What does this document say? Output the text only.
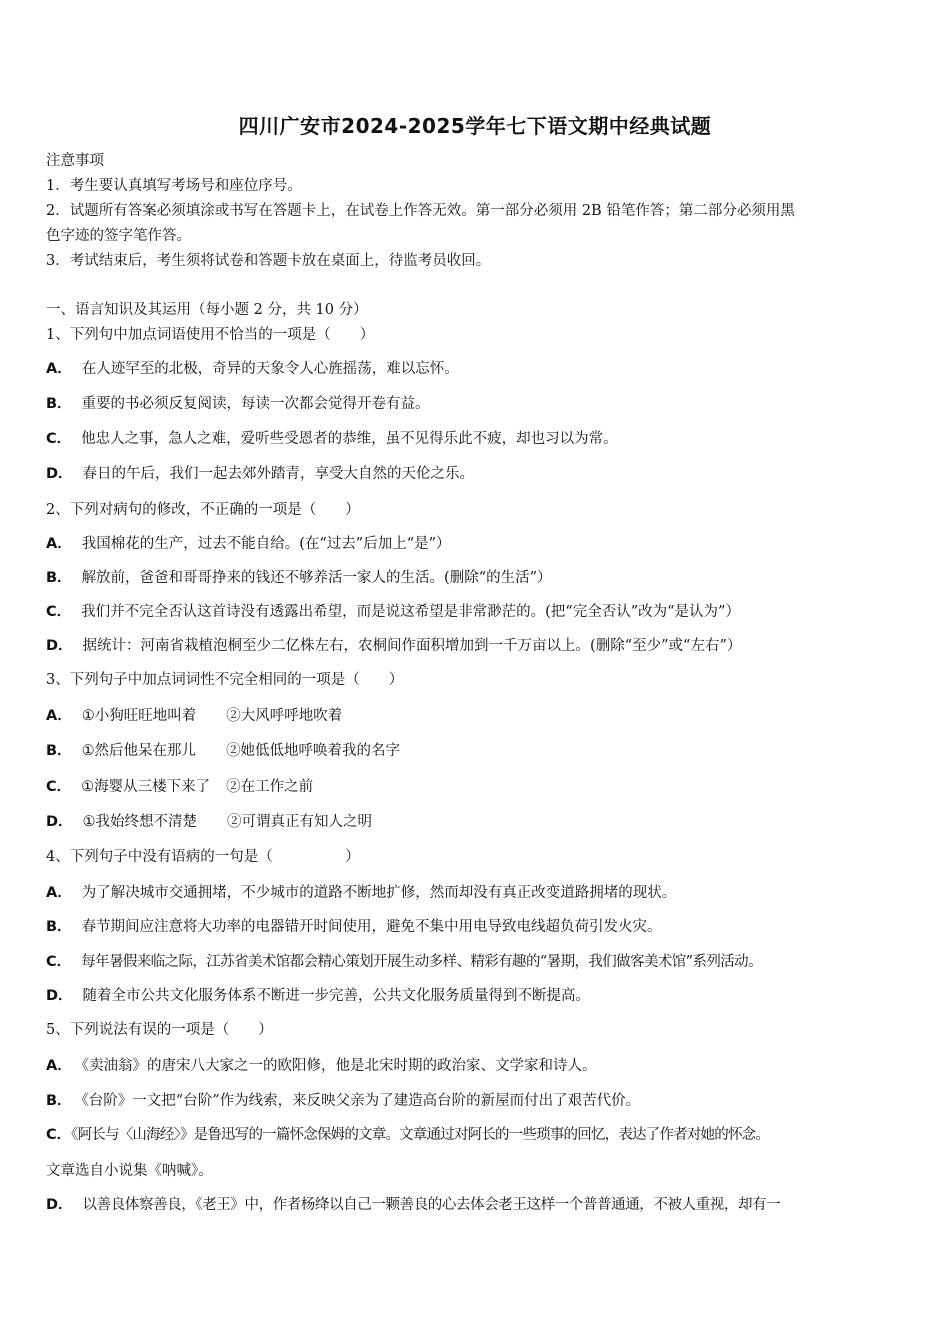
四川广安市2024-2025学年七下语文期中经典试题
注意事项
1．考生要认真填写考场号和座位序号。
2．试题所有答案必须填涂或书写在答题卡上，在试卷上作答无效。第一部分必须用 2B 铅笔作答；第二部分必须用黑
色字迹的签字笔作答。
3．考试结束后，考生须将试卷和答题卡放在桌面上，待监考员收回。
一、语言知识及其运用（每小题 2 分，共 10 分）
1、下列句中加点词语使用不恰当的一项是（　　）
A． 在人迹罕至的北极，奇异的天象令人心旌摇荡，难以忘怀。
B． 重要的书必须反复阅读，每读一次都会觉得开卷有益。
C． 他忠人之事，急人之难，爱听些受恩者的恭维，虽不见得乐此不疲，却也习以为常。
D． 春日的午后，我们一起去郊外踏青，享受大自然的天伦之乐。
2、下列对病句的修改，不正确的一项是（　　）
A． 我国棉花的生产，过去不能自给。(在“过去”后加上“是”）
B． 解放前，爸爸和哥哥挣来的钱还不够养活一家人的生活。(删除“的生活”）
C． 我们并不完全否认这首诗没有透露出希望，而是说这希望是非常渺茫的。(把“完全否认”改为“是认为”）
D． 据统计：河南省栽植泡桐至少二亿株左右，农桐间作面积增加到一千万亩以上。(删除“至少”或“左右”）
3、下列句子中加点词词性不完全相同的一项是（　　）
A． ①小狗旺旺地叫着 ②大风呼呼地吹着
B． ①然后他呆在那儿 ②她低低地呼唤着我的名字
C． ①海婴从三楼下来了 ②在工作之前
D． ①我始终想不清楚 ②可谓真正有知人之明
4、下列句子中没有语病的一句是（　　　　　）
A． 为了解决城市交通拥堵，不少城市的道路不断地扩修，然而却没有真正改变道路拥堵的现状。
B． 春节期间应注意将大功率的电器错开时间使用，避免不集中用电导致电线超负荷引发火灾。
C． 每年暑假来临之际，江苏省美术馆都会精心策划开展生动多样、精彩有趣的“暑期，我们做客美术馆”系列活动。
D． 随着全市公共文化服务体系不断进一步完善，公共文化服务质量得到不断提高。
5、下列说法有误的一项是（　　）
A． 《卖油翁》的唐宋八大家之一的欧阳修，他是北宋时期的政治家、文学家和诗人。
B． 《台阶》一文把“台阶”作为线索，来反映父亲为了建造高台阶的新屋而付出了艰苦代价。
C．《阿长与〈山海经〉》是鲁迅写的一篇怀念保姆的文章。文章通过对阿长的一些琐事的回忆，表达了作者对她的怀念。
文章选自小说集《呐喊》。
D． 以善良体察善良，《老王》中，作者杨绛以自己一颗善良的心去体会老王这样一个普普通通，不被人重视，却有一
